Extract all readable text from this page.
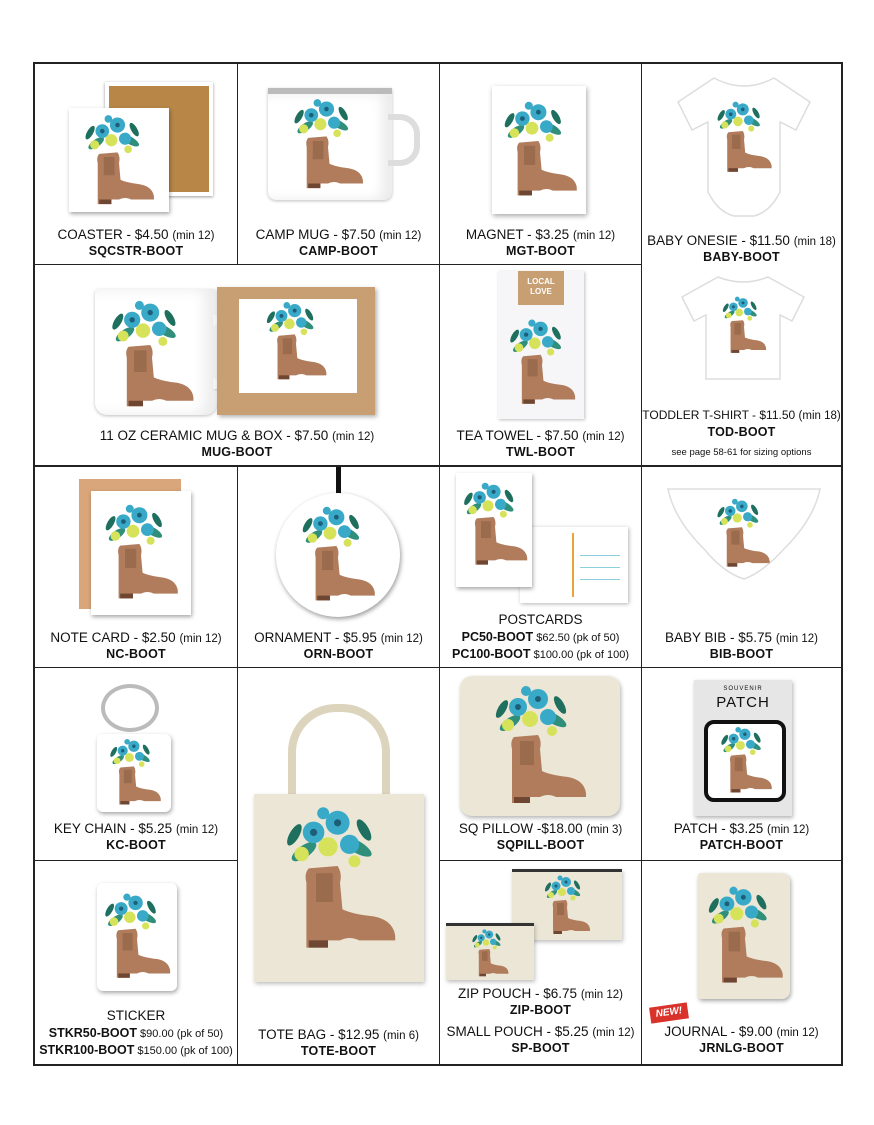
COASTER - $4.50 (min 12)
SQCSTR-BOOT
CAMP MUG - $7.50 (min 12)
CAMP-BOOT
MAGNET - $3.25 (min 12)
MGT-BOOT
BABY ONESIE - $11.50 (min 18)
BABY-BOOT
11 OZ CERAMIC MUG & BOX - $7.50 (min 12)
MUG-BOOT
LOCAL
LOVE
TEA TOWEL - $7.50 (min 12)
TWL-BOOT
TODDLER T-SHIRT - $11.50 (min 18)
TOD-BOOT
see page 58-61 for sizing options
NOTE CARD - $2.50 (min 12)
NC-BOOT
ORNAMENT - $5.95 (min 12)
ORN-BOOT
POSTCARDS
PC50-BOOT $62.50 (pk of 50)
PC100-BOOT $100.00 (pk of 100)
BABY BIB - $5.75 (min 12)
BIB-BOOT
KEY CHAIN - $5.25 (min 12)
KC-BOOT
SQ PILLOW -$18.00 (min 3)
SQPILL-BOOT
SOUVENIR
PATCH
PATCH - $3.25 (min 12)
PATCH-BOOT
TOTE BAG - $12.95 (min 6)
TOTE-BOOT
STICKER
STKR50-BOOT $90.00 (pk of 50)
STKR100-BOOT $150.00 (pk of 100)
ZIP POUCH - $6.75 (min 12)
ZIP-BOOT
SMALL POUCH - $5.25 (min 12)
SP-BOOT
NEW!
JOURNAL - $9.00 (min 12)
JRNLG-BOOT
